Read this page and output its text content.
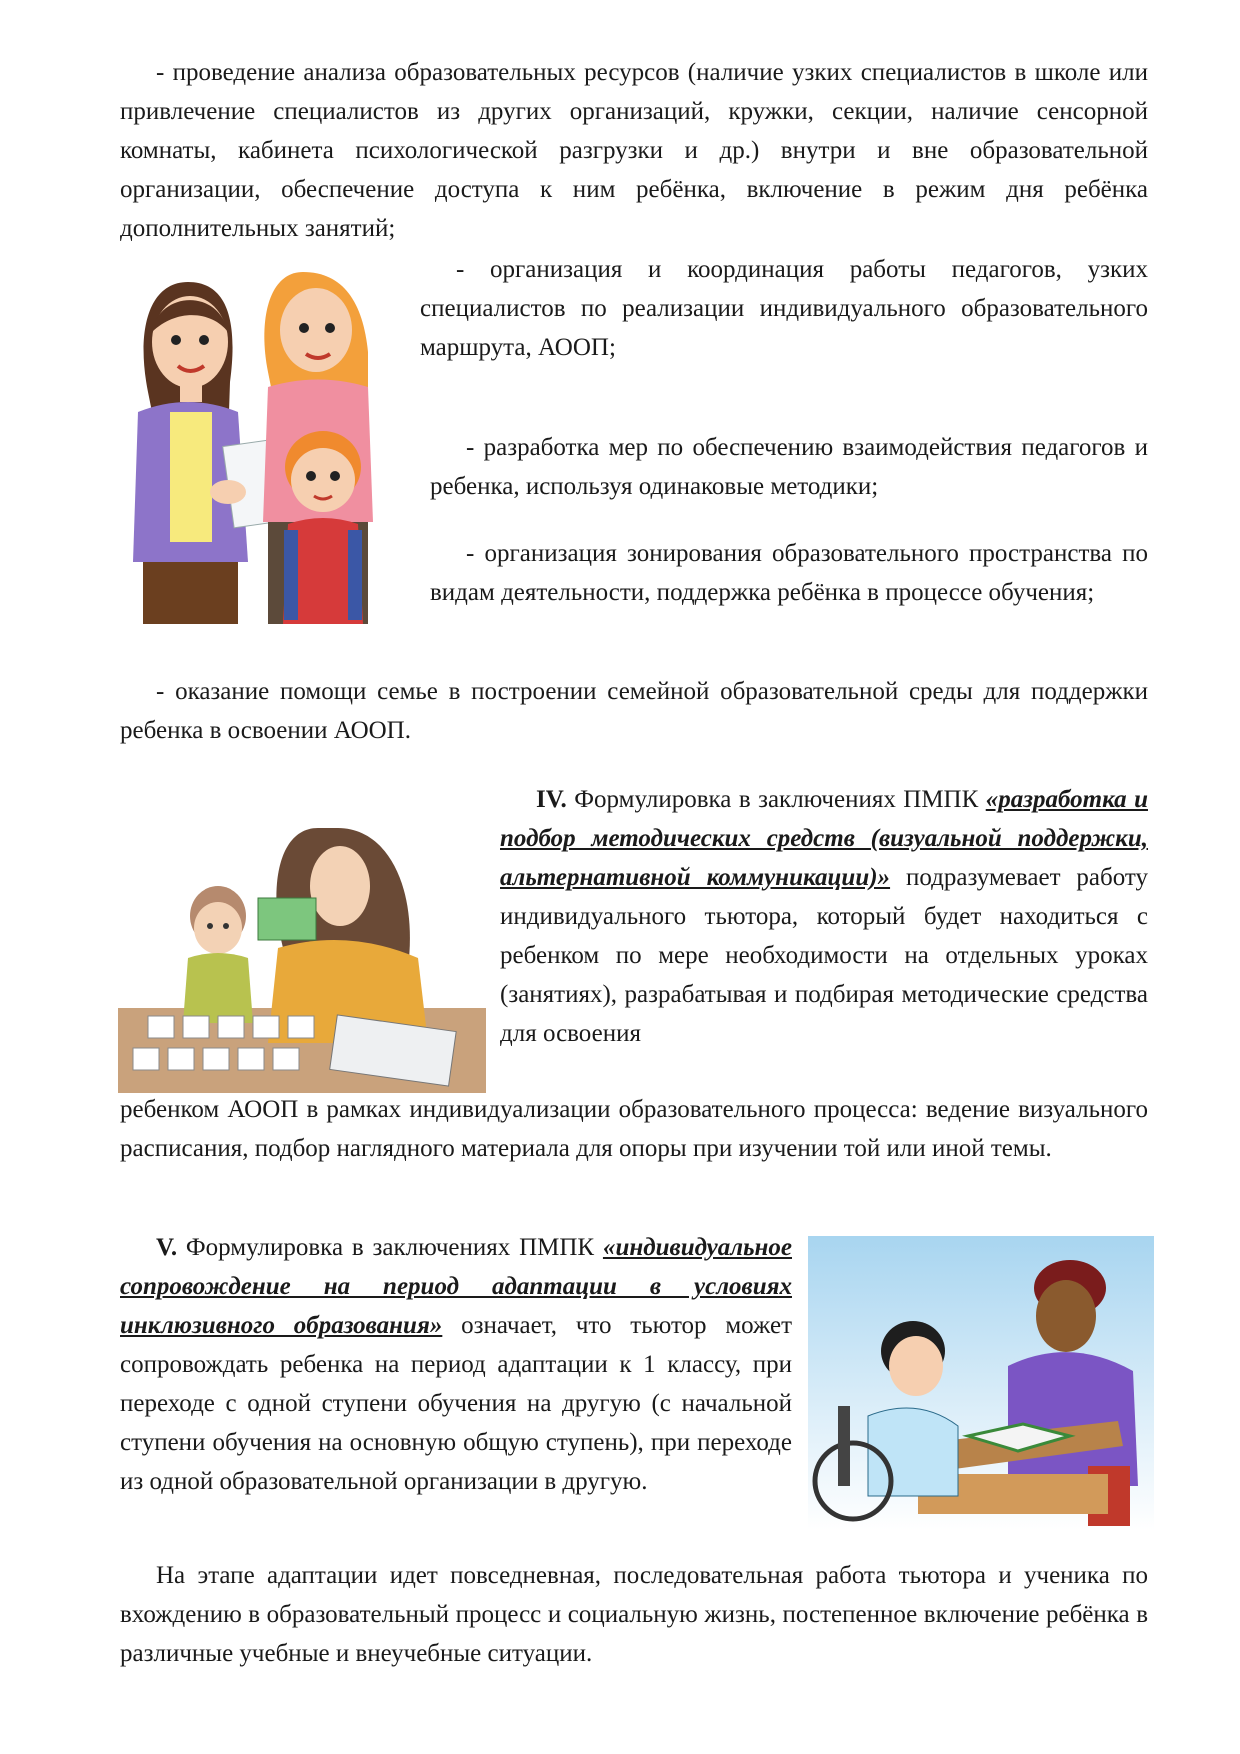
- проведение анализа образовательных ресурсов (наличие узких специалистов в школе или привлечение специалистов из других организаций, кружки, секции, наличие сенсорной комнаты, кабинета психологической разгрузки и др.) внутри и вне образовательной организации, обеспечение доступа к ним ребёнка, включение в режим дня ребёнка дополнительных занятий;

- организация и координация работы педагогов, узких специалистов по реализации индивидуального образовательного маршрута, АООП;

- разработка мер по обеспечению взаимодействия педагогов и ребенка, используя одинаковые методики;

- организация зонирования образовательного пространства по видам деятельности, поддержка ребёнка в процессе обучения;

- оказание помощи семье в построении семейной образовательной среды для поддержки ребенка в освоении АООП.

IV. Формулировка в заключениях ПМПК «разработка и подбор методических средств (визуальной поддержки, альтернативной коммуникации)» подразумевает работу индивидуального тьютора, который будет находиться с ребенком по мере необходимости на отдельных уроках (занятиях), разрабатывая и подбирая методические средства для освоения

ребенком АООП в рамках индивидуализации образовательного процесса: ведение визуального расписания, подбор наглядного материала для опоры при изучении той или иной темы.

V. Формулировка в заключениях ПМПК «индивидуальное сопровождение на период адаптации в условиях инклюзивного образования» означает, что тьютор может сопровождать ребенка на период адаптации к 1 классу, при переходе с одной ступени обучения на другую (с начальной ступени обучения на основную общую ступень), при переходе из одной образовательной организации в другую.

На этапе адаптации идет повседневная, последовательная работа тьютора и ученика по вхождению в образовательный процесс и социальную жизнь, постепенное включение ребёнка в различные учебные и внеучебные ситуации.
